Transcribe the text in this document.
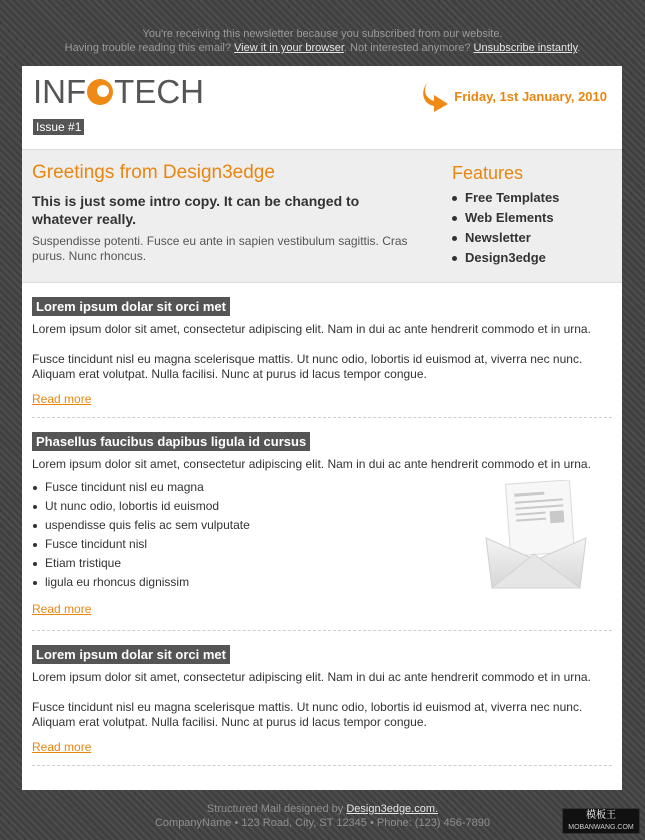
You're receiving this newsletter because you subscribed from our website.
Having trouble reading this email? View it in your browser. Not interested anymore? Unsubscribe instantly.
INF TECH
Issue #1
Friday, 1st January, 2010
Greetings from Design3edge
This is just some intro copy. It can be changed to whatever really.
Suspendisse potenti. Fusce eu ante in sapien vestibulum sagittis. Cras purus. Nunc rhoncus.
Features
Free Templates
Web Elements
Newsletter
Design3edge
Lorem ipsum dolar sit orci met

Lorem ipsum dolor sit amet, consectetur adipiscing elit. Nam in dui ac ante hendrerit commodo et in urna.

Fusce tincidunt nisl eu magna scelerisque mattis. Ut nunc odio, lobortis id euismod at, viverra nec nunc. Aliquam erat volutpat. Nulla facilisi. Nunc at purus id lacus tempor congue.

Read more
Phasellus faucibus dapibus ligula id cursus

Lorem ipsum dolor sit amet, consectetur adipiscing elit. Nam in dui ac ante hendrerit commodo et in urna.

Fusce tincidunt nisl eu magna
Ut nunc odio, lobortis id euismod
uspendisse quis felis ac sem vulputate
Fusce tincidunt nisl
Etiam tristique
ligula eu rhoncus dignissim
Read more
Lorem ipsum dolar sit orci met

Lorem ipsum dolor sit amet, consectetur adipiscing elit. Nam in dui ac ante hendrerit commodo et in urna.

Fusce tincidunt nisl eu magna scelerisque mattis. Ut nunc odio, lobortis id euismod at, viverra nec nunc. Aliquam erat volutpat. Nulla facilisi. Nunc at purus id lacus tempor congue.

Read more
Structured Mail designed by Design3edge.com.
CompanyName • 123 Road, City, ST 12345 • Phone: (123) 456-7890
模板王
MOBANWANG.COM
